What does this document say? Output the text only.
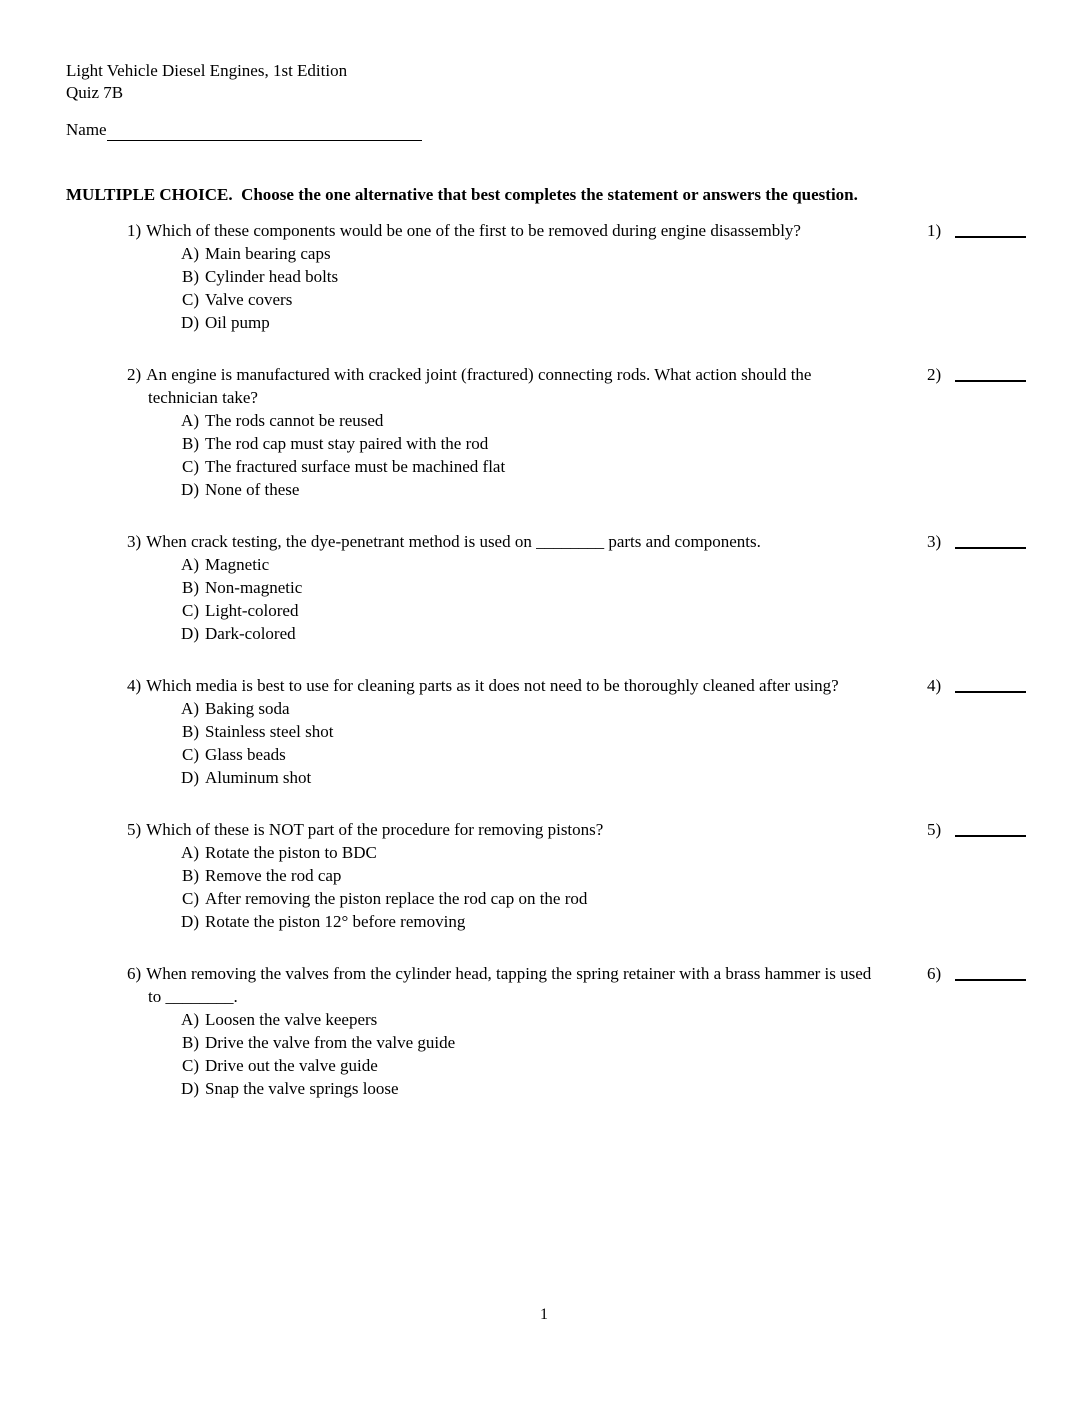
Light Vehicle Diesel Engines, 1st Edition
Quiz 7B
Name
MULTIPLE CHOICE.  Choose the one alternative that best completes the statement or answers the question.

1) Which of these components would be one of the first to be removed during engine disassembly?

A) Main bearing caps
B) Cylinder head bolts
C) Valve covers
D) Oil pump
1)

2) An engine is manufactured with cracked joint (fractured) connecting rods. What action should the technician take?

A) The rods cannot be reused
B) The rod cap must stay paired with the rod
C) The fractured surface must be machined flat
D) None of these
2)

3) When crack testing, the dye-penetrant method is used on ________ parts and components.

A) Magnetic
B) Non-magnetic
C) Light-colored
D) Dark-colored
3)

4) Which media is best to use for cleaning parts as it does not need to be thoroughly cleaned after using?

A) Baking soda
B) Stainless steel shot
C) Glass beads
D) Aluminum shot
4)

5) Which of these is NOT part of the procedure for removing pistons?

A) Rotate the piston to BDC
B) Remove the rod cap
C) After removing the piston replace the rod cap on the rod
D) Rotate the piston 12° before removing
5)

6) When removing the valves from the cylinder head, tapping the spring retainer with a brass hammer is used to ________.

A) Loosen the valve keepers
B) Drive the valve from the valve guide
C) Drive out the valve guide
D) Snap the valve springs loose
6)
1
